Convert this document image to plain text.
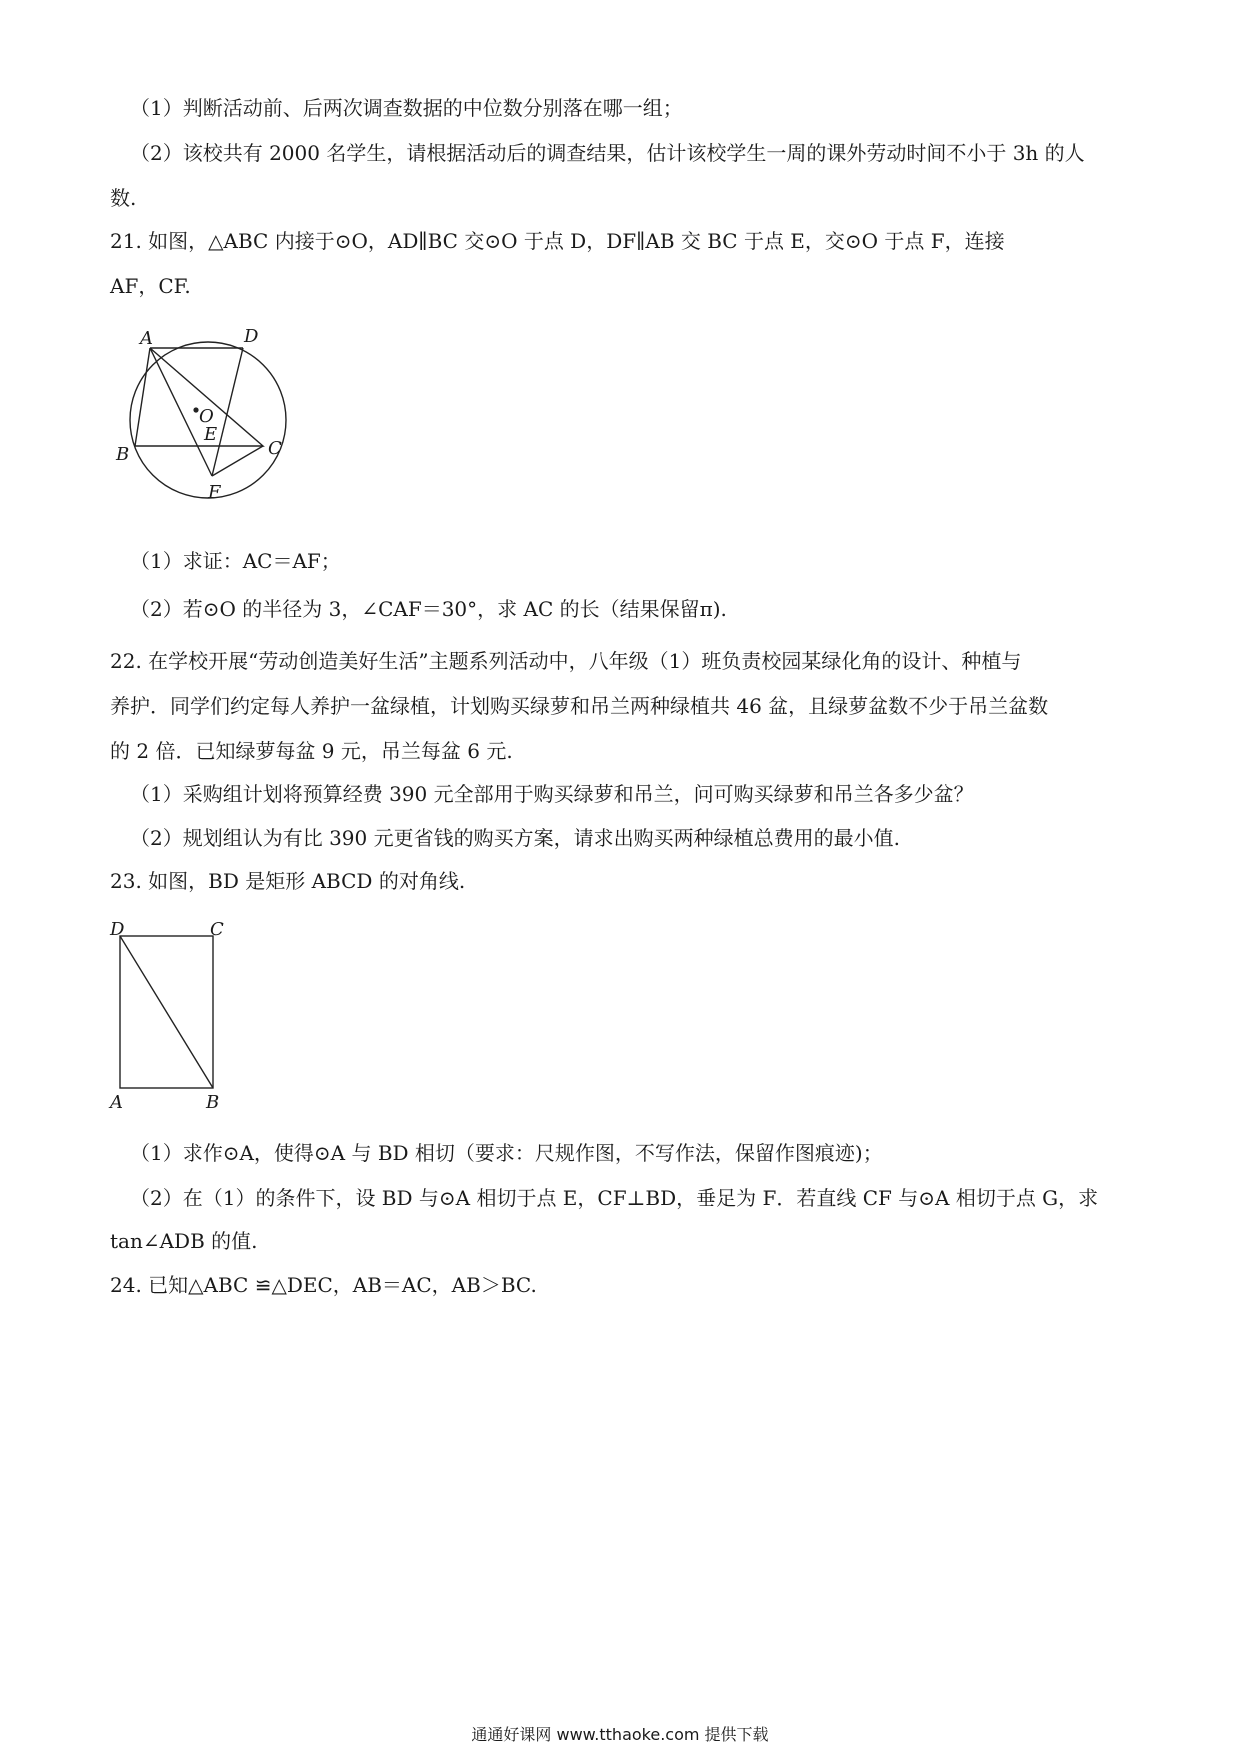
（1）判断活动前、后两次调查数据的中位数分别落在哪一组；
（2）该校共有 2000 名学生，请根据活动后的调查结果，估计该校学生一周的课外劳动时间不小于 3h 的人
数.
21. 如图，△ABC 内接于⊙O，AD∥BC 交⊙O 于点 D，DF∥AB 交 BC 于点 E，交⊙O 于点 F，连接
AF，CF.
A	D
O
E
B	C
F
（1）求证：AC＝AF；
（2）若⊙O 的半径为 3，∠CAF＝30°，求 AC 的长（结果保留π).
22. 在学校开展“劳动创造美好生活”主题系列活动中，八年级（1）班负责校园某绿化角的设计、种植与
养护．同学们约定每人养护一盆绿植，计划购买绿萝和吊兰两种绿植共 46 盆，且绿萝盆数不少于吊兰盆数
的 2 倍．已知绿萝每盆 9 元，吊兰每盆 6 元.
（1）采购组计划将预算经费 390 元全部用于购买绿萝和吊兰，问可购买绿萝和吊兰各多少盆？
（2）规划组认为有比 390 元更省钱的购买方案，请求出购买两种绿植总费用的最小值.
23. 如图，BD 是矩形 ABCD 的对角线.
D	C
A	B
（1）求作⊙A，使得⊙A 与 BD 相切（要求：尺规作图，不写作法，保留作图痕迹)；
（2）在（1）的条件下，设 BD 与⊙A 相切于点 E，CF⊥BD，垂足为 F．若直线 CF 与⊙A 相切于点 G，求
tan∠ADB 的值.
24. 已知△ABC ≌△DEC，AB＝AC，AB＞BC.
通通好课网 www.tthaoke.com 提供下载
